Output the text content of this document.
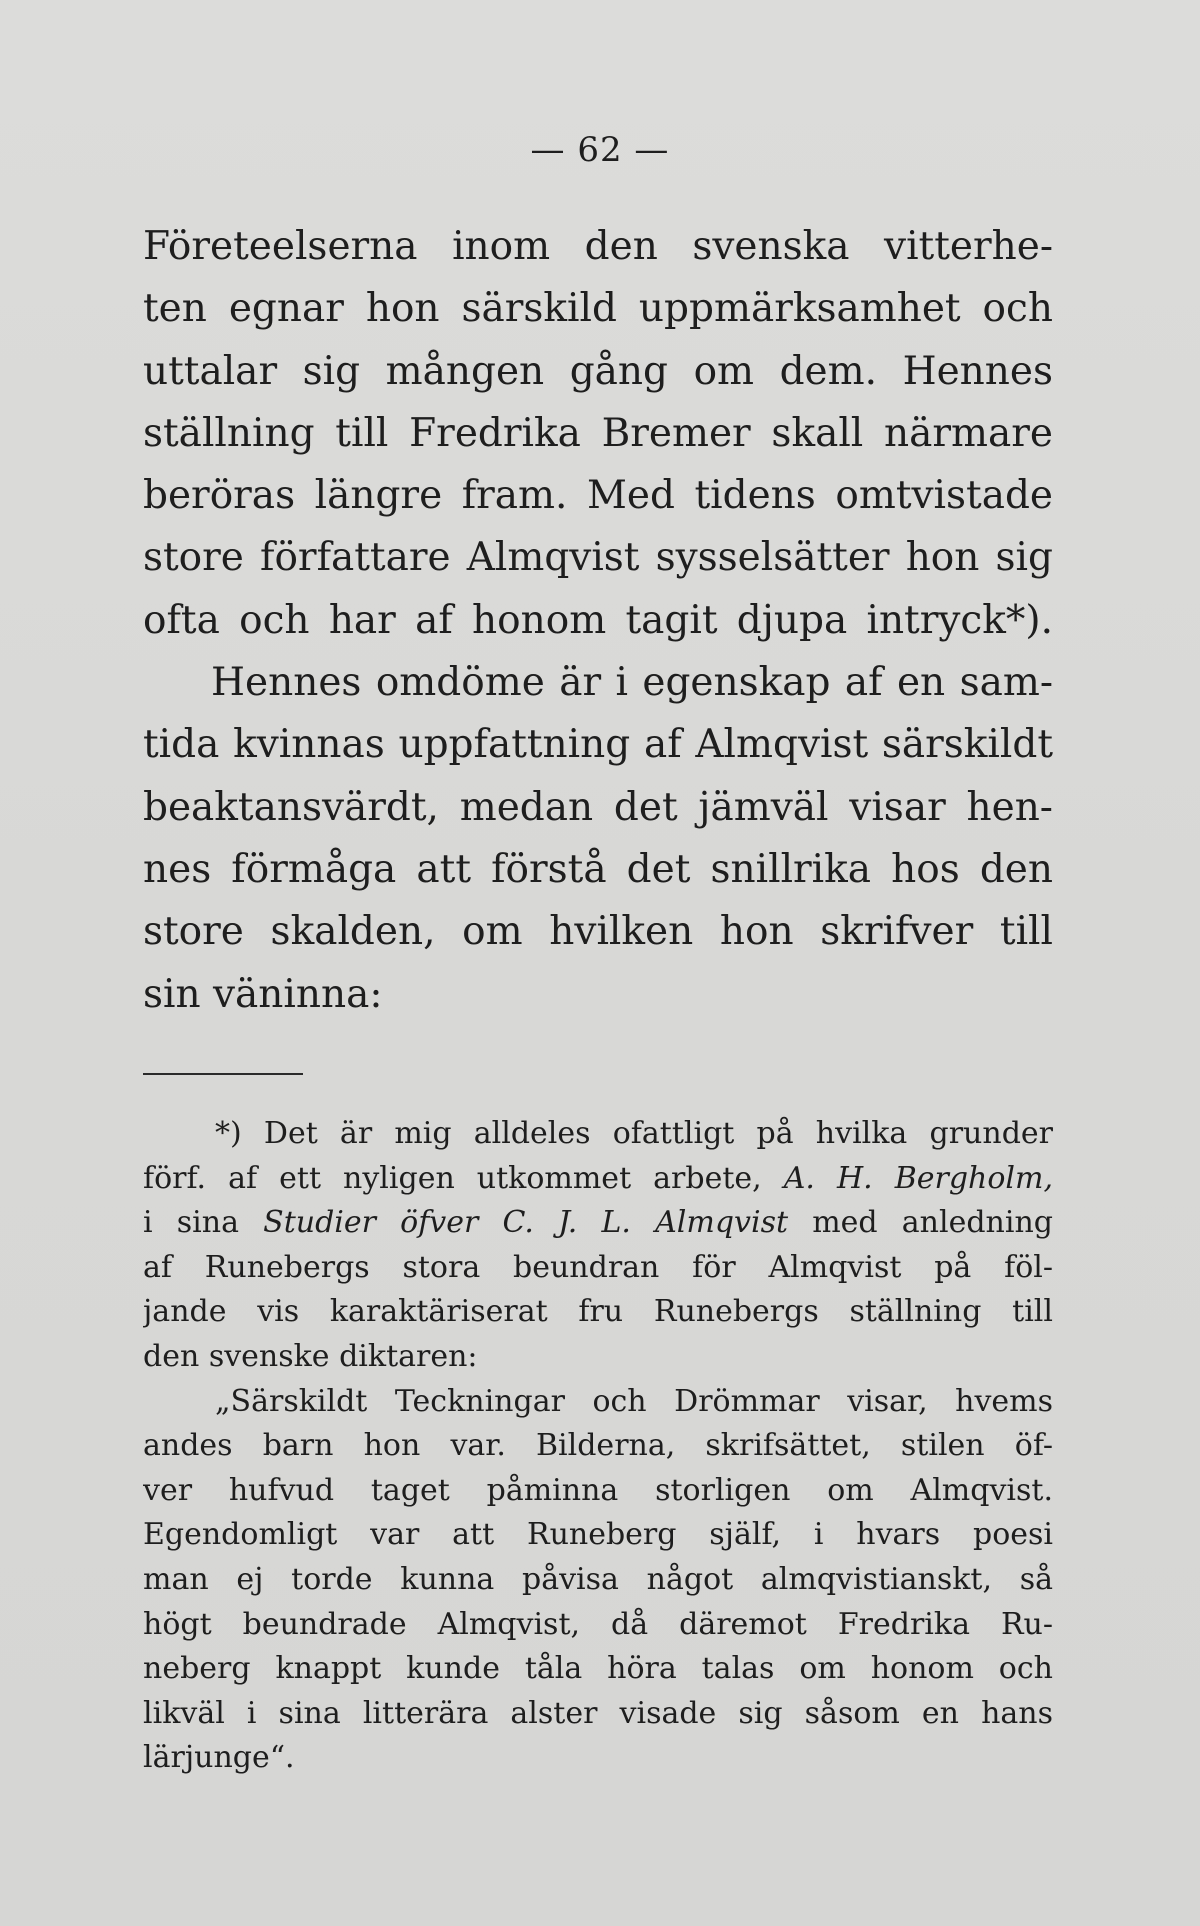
— 62 —
Företeelserna inom den svenska vitterhe-
ten egnar hon särskild uppmärksamhet och
uttalar sig mången gång om dem. Hennes
ställning till Fredrika Bremer skall närmare
beröras längre fram. Med tidens omtvistade
store författare Almqvist sysselsätter hon sig
ofta och har af honom tagit djupa intryck*).
Hennes omdöme är i egenskap af en sam-
tida kvinnas uppfattning af Almqvist särskildt
beaktansvärdt, medan det jämväl visar hen-
nes förmåga att förstå det snillrika hos den
store skalden, om hvilken hon skrifver till
sin väninna:
*) Det är mig alldeles ofattligt på hvilka grunder
förf. af ett nyligen utkommet arbete, A. H. Bergholm,
i sina Studier öfver C. J. L. Almqvist med anledning
af Runebergs stora beundran för Almqvist på föl-
jande vis karaktäriserat fru Runebergs ställning till
den svenske diktaren:
„Särskildt Teckningar och Drömmar visar, hvems
andes barn hon var. Bilderna, skrifsättet, stilen öf-
ver hufvud taget påminna storligen om Almqvist.
Egendomligt var att Runeberg själf, i hvars poesi
man ej torde kunna påvisa något almqvistianskt, så
högt beundrade Almqvist, då däremot Fredrika Ru-
neberg knappt kunde tåla höra talas om honom och
likväl i sina litterära alster visade sig såsom en hans
lärjunge“.
